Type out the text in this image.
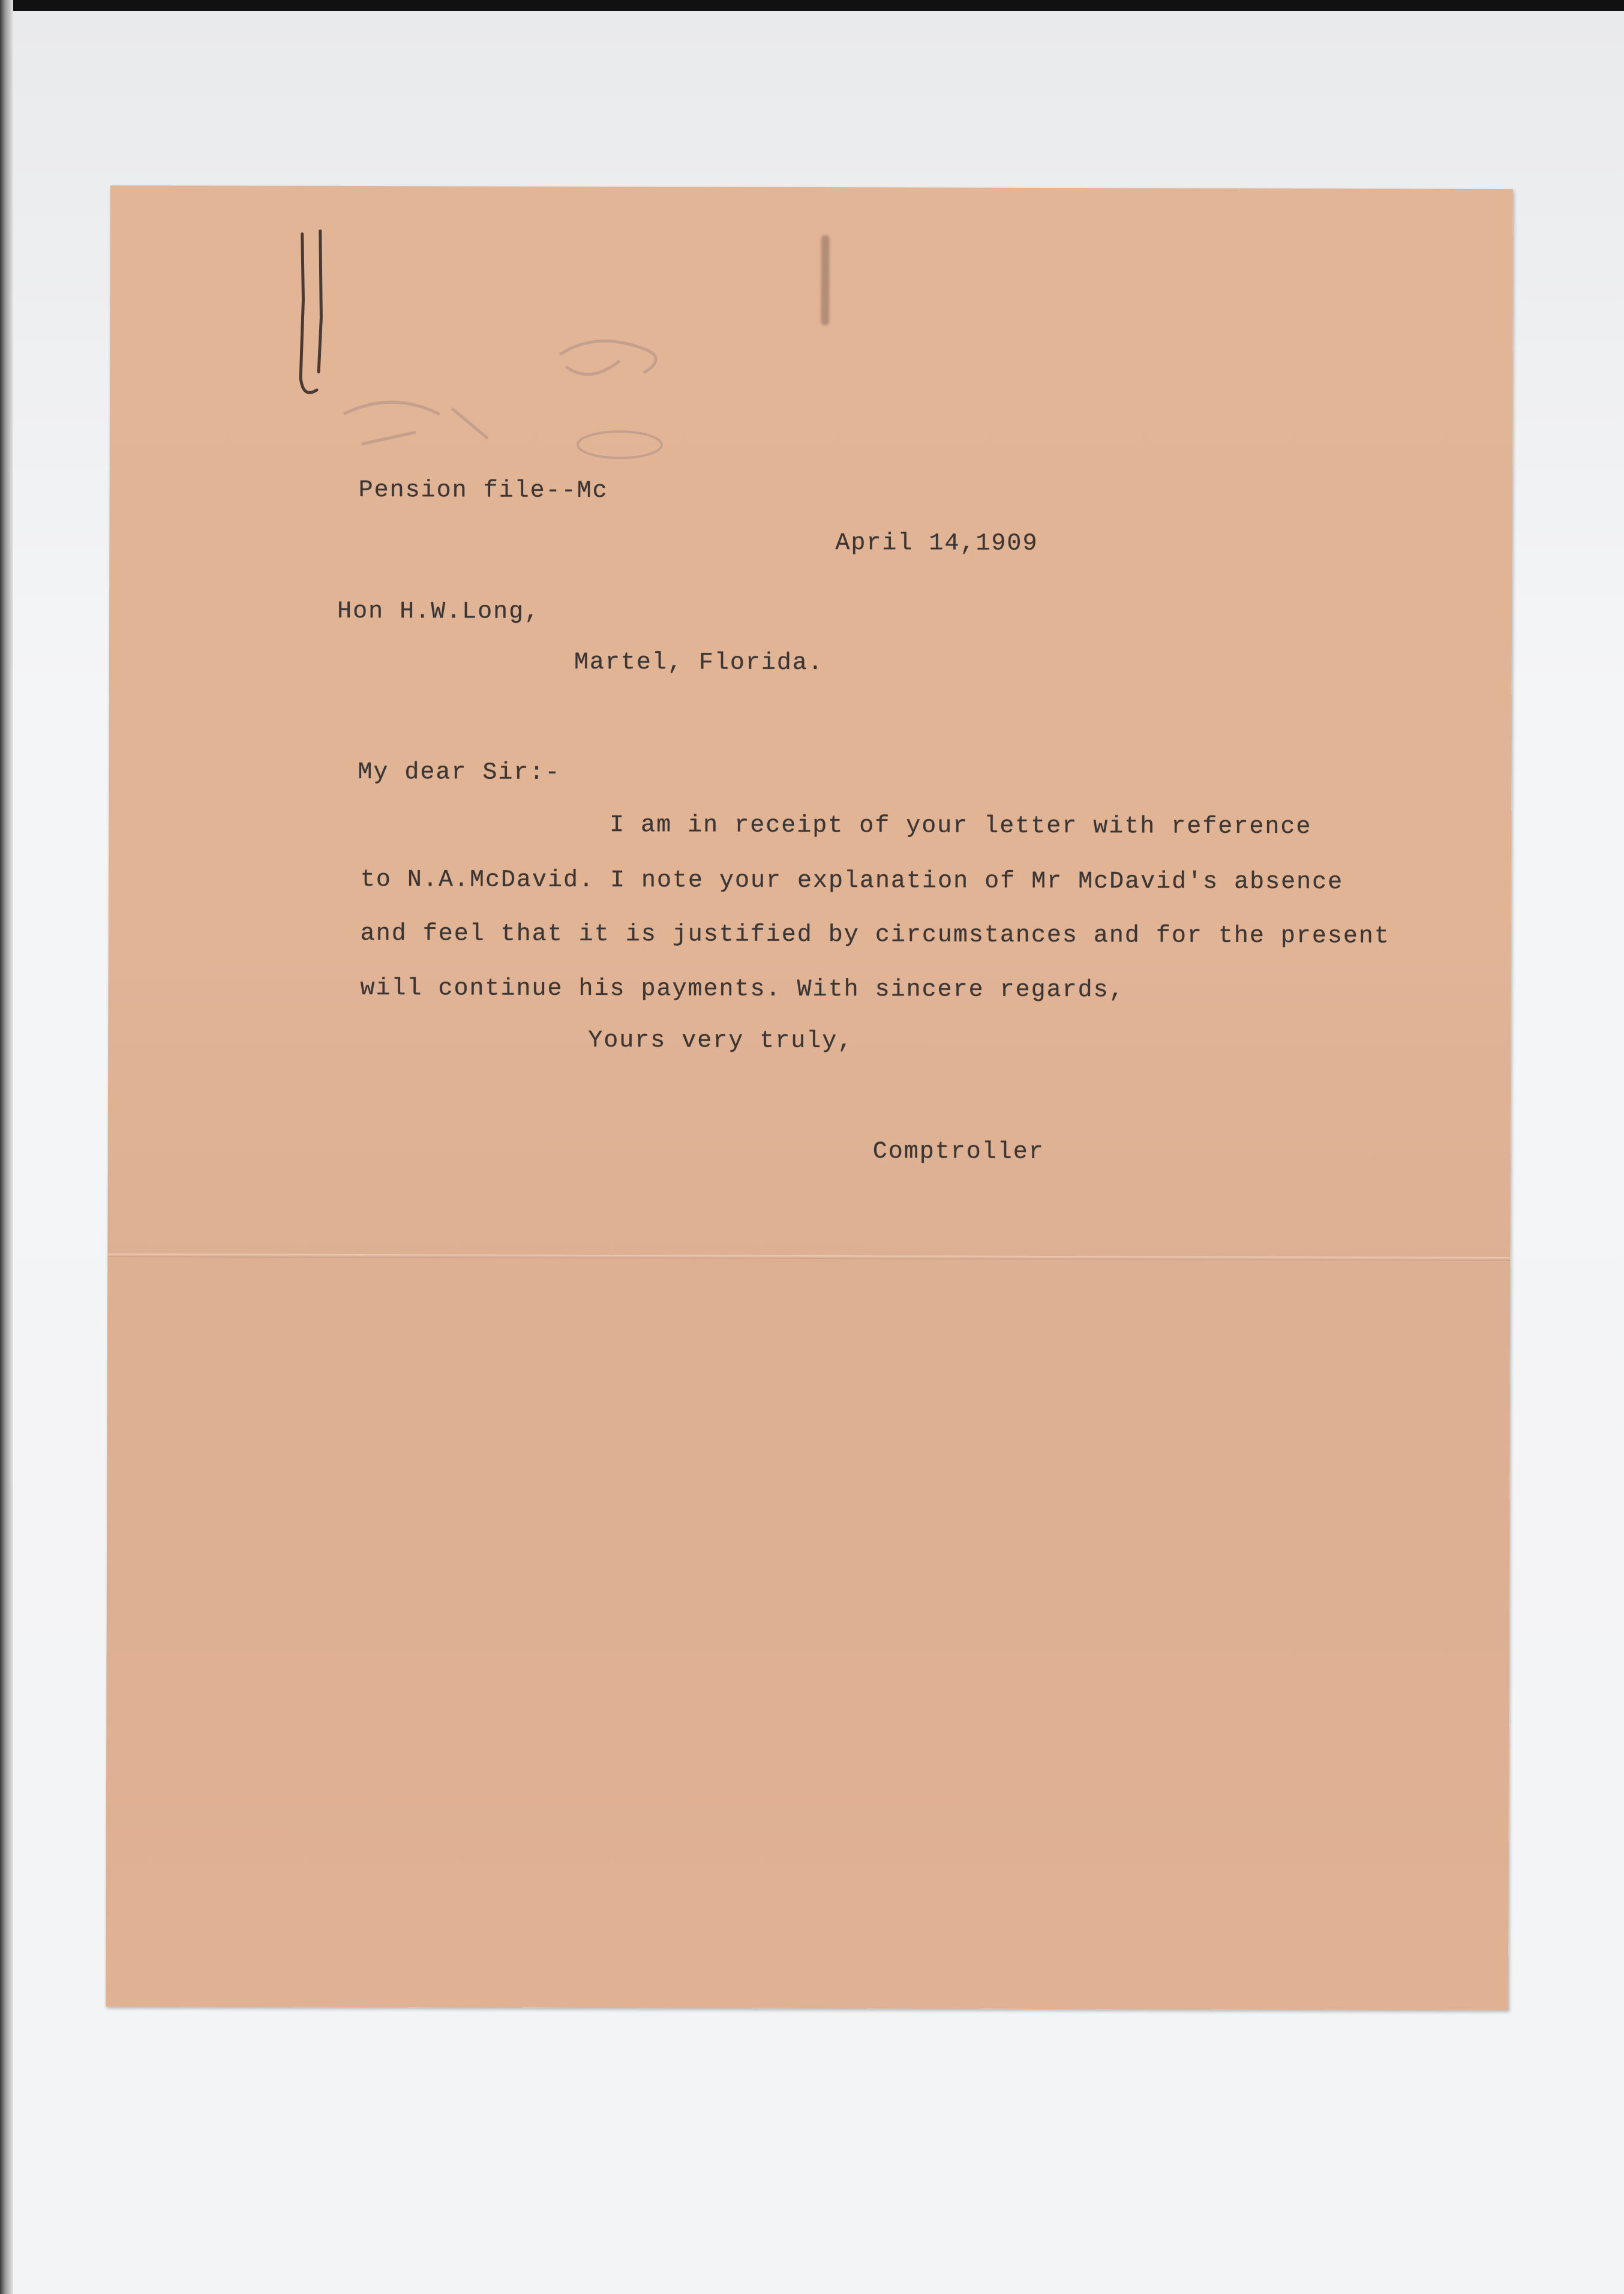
Pension file--Mc
April 14,1909
Hon H.W.Long,
Martel, Florida.
My dear Sir:-
I am in receipt of your letter with reference
to N.A.McDavid. I note your explanation of Mr McDavid's absence
and feel that it is justified by circumstances and for the present
will continue his payments. With sincere regards,
Yours very truly,
Comptroller
